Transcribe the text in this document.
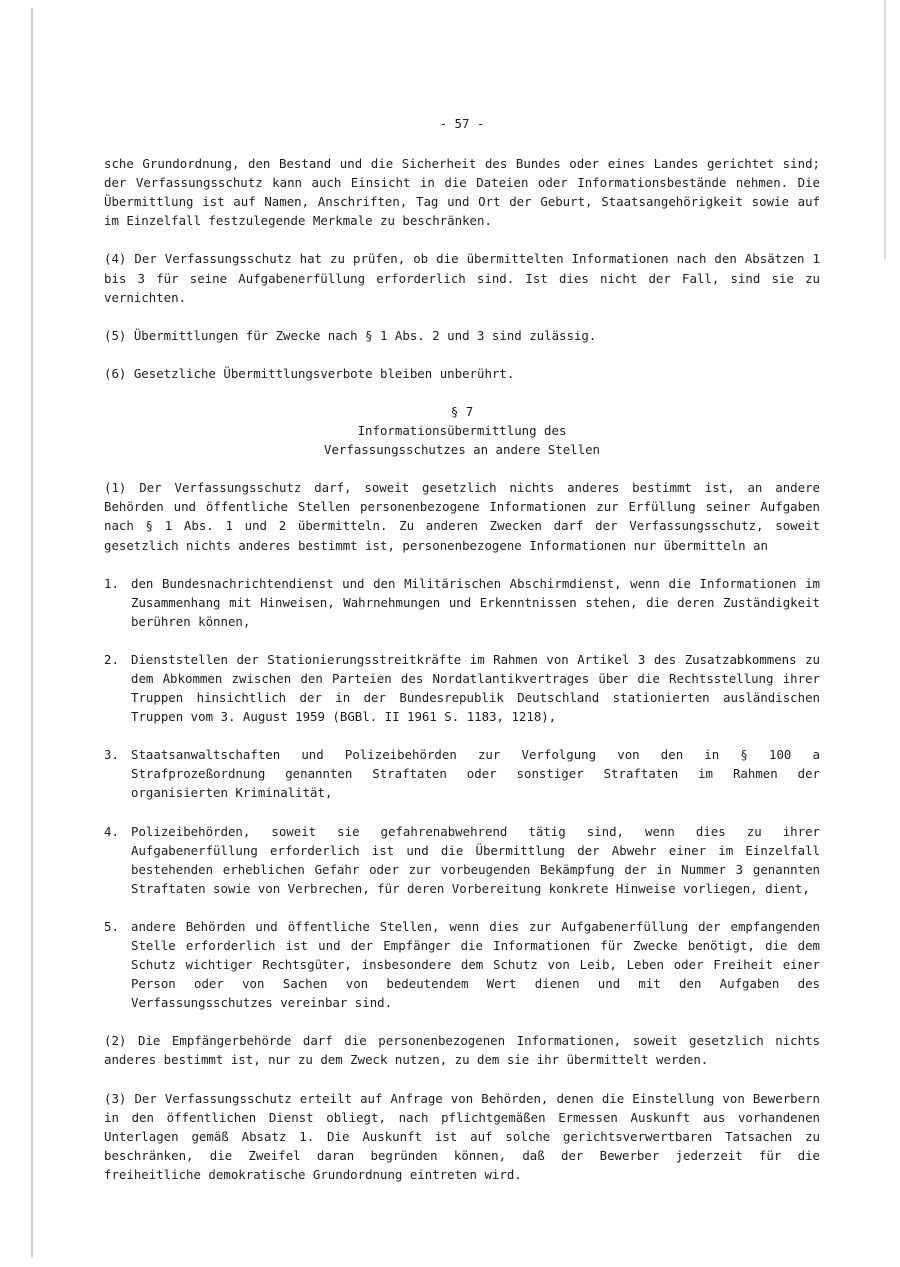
- 57 -

sche Grundordnung, den Bestand und die Sicherheit des Bundes oder eines Landes gerichtet sind; der Verfassungsschutz kann auch Einsicht in die Dateien oder Informationsbestände nehmen. Die Übermittlung ist auf Namen, Anschriften, Tag und Ort der Geburt, Staatsangehörigkeit sowie auf im Einzelfall festzulegende Merkmale zu beschränken.

(4) Der Verfassungsschutz hat zu prüfen, ob die übermittelten Informationen nach den Absätzen 1 bis 3 für seine Aufgabenerfüllung erforderlich sind. Ist dies nicht der Fall, sind sie zu vernichten.

(5) Übermittlungen für Zwecke nach § 1 Abs. 2 und 3 sind zulässig.

(6) Gesetzliche Übermittlungsverbote bleiben unberührt.

§ 7
Informationsübermittlung des
Verfassungsschutzes an andere Stellen

(1) Der Verfassungsschutz darf, soweit gesetzlich nichts anderes bestimmt ist, an andere Behörden und öffentliche Stellen personenbezogene Informationen zur Erfüllung seiner Aufgaben nach § 1 Abs. 1 und 2 übermitteln. Zu anderen Zwecken darf der Verfassungsschutz, soweit gesetzlich nichts anderes bestimmt ist, personenbezogene Informationen nur übermitteln an

1. den Bundesnachrichtendienst und den Militärischen Abschirmdienst, wenn die Informationen im Zusammenhang mit Hinweisen, Wahrnehmungen und Erkenntnissen stehen, die deren Zuständigkeit berühren können,
2. Dienststellen der Stationierungsstreitkräfte im Rahmen von Artikel 3 des Zusatzabkommens zu dem Abkommen zwischen den Parteien des Nordatlantikvertrages über die Rechtsstellung ihrer Truppen hinsichtlich der in der Bundesrepublik Deutschland stationierten ausländischen Truppen vom 3. August 1959 (BGBl. II 1961 S. 1183, 1218),
3. Staatsanwaltschaften und Polizeibehörden zur Verfolgung von den in § 100 a Strafprozeßordnung genannten Straftaten oder sonstiger Straftaten im Rahmen der organisierten Kriminalität,
4. Polizeibehörden, soweit sie gefahrenabwehrend tätig sind, wenn dies zu ihrer Aufgabenerfüllung erforderlich ist und die Übermittlung der Abwehr einer im Einzelfall bestehenden erheblichen Gefahr oder zur vorbeugenden Bekämpfung der in Nummer 3 genannten Straftaten sowie von Verbrechen, für deren Vorbereitung konkrete Hinweise vorliegen, dient,
5. andere Behörden und öffentliche Stellen, wenn dies zur Aufgabenerfüllung der empfangenden Stelle erforderlich ist und der Empfänger die Informationen für Zwecke benötigt, die dem Schutz wichtiger Rechtsgüter, insbesondere dem Schutz von Leib, Leben oder Freiheit einer Person oder von Sachen von bedeutendem Wert dienen und mit den Aufgaben des Verfassungsschutzes vereinbar sind.

(2) Die Empfängerbehörde darf die personenbezogenen Informationen, soweit gesetzlich nichts anderes bestimmt ist, nur zu dem Zweck nutzen, zu dem sie ihr übermittelt werden.

(3) Der Verfassungsschutz erteilt auf Anfrage von Behörden, denen die Einstellung von Bewerbern in den öffentlichen Dienst obliegt, nach pflichtgemäßen Ermessen Auskunft aus vorhandenen Unterlagen gemäß Absatz 1. Die Auskunft ist auf solche gerichtsverwertbaren Tatsachen zu beschränken, die Zweifel daran begründen können, daß der Bewerber jederzeit für die freiheitliche demokratische Grundordnung eintreten wird.
